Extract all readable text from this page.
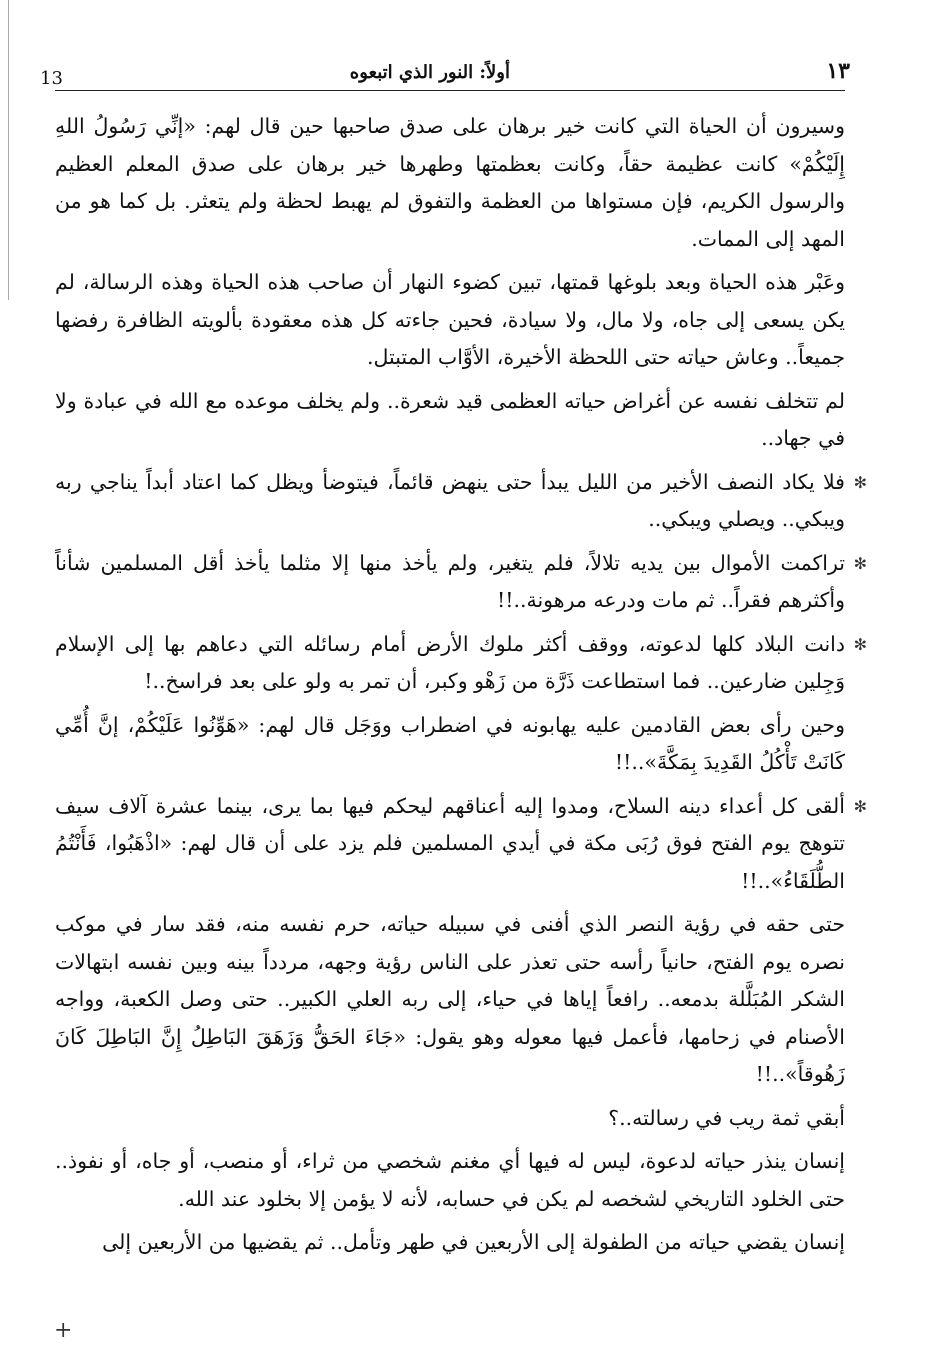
١٣
أولاً: النور الذي اتبعوه
13

وسيرون أن الحياة التي كانت خير برهان على صدق صاحبها حين قال لهم: «إنِّي رَسُولُ اللهِ إِلَيْكُمْ» كانت عظيمة حقاً، وكانت بعظمتها وطهرها خير برهان على صدق المعلم العظيم والرسول الكريم، فإن مستواها من العظمة والتفوق لم يهبط لحظة ولم يتعثر. بل كما هو من المهد إلى الممات.

وعَبْر هذه الحياة وبعد بلوغها قمتها، تبين كضوء النهار أن صاحب هذه الحياة وهذه الرسالة، لم يكن يسعى إلى جاه، ولا مال، ولا سيادة، فحين جاءته كل هذه معقودة بألويته الظافرة رفضها جميعاً.. وعاش حياته حتى اللحظة الأخيرة، الأوَّاب المتبتل.

لم تتخلف نفسه عن أغراض حياته العظمى قيد شعرة.. ولم يخلف موعده مع الله في عبادة ولا في جهاد..

✻
فلا يكاد النصف الأخير من الليل يبدأ حتى ينهض قائماً، فيتوضأ ويظل كما اعتاد أبداً يناجي ربه ويبكي.. ويصلي ويبكي..
✻
تراكمت الأموال بين يديه تلالاً، فلم يتغير، ولم يأخذ منها إلا مثلما يأخذ أقل المسلمين شأناً وأكثرهم فقراً.. ثم مات ودرعه مرهونة..!!
✻
دانت البلاد كلها لدعوته، ووقف أكثر ملوك الأرض أمام رسائله التي دعاهم بها إلى الإسلام وَجِلين ضارعين.. فما استطاعت ذَرَّة من زَهْو وكبر، أن تمر به ولو على بعد فراسخ..!

وحين رأى بعض القادمين عليه يهابونه في اضطراب ووَجَل قال لهم: «هَوِّنُوا عَلَيْكُمْ، إنَّ أُمِّي كَانَتْ تَأْكُلُ القَدِيدَ بِمَكَّةَ»..!!

✻
ألقى كل أعداء دينه السلاح، ومدوا إليه أعناقهم ليحكم فيها بما يرى، بينما عشرة آلاف سيف تتوهج يوم الفتح فوق رُبَى مكة في أيدي المسلمين فلم يزد على أن قال لهم: «اذْهَبُوا، فَأَنْتُمُ الطُّلَقَاءُ»..!!

حتى حقه في رؤية النصر الذي أفنى في سبيله حياته، حرم نفسه منه، فقد سار في موكب نصره يوم الفتح، حانياً رأسه حتى تعذر على الناس رؤية وجهه، مردداً بينه وبين نفسه ابتهالات الشكر المُبَلَّلة بدمعه.. رافعاً إياها في حياء، إلى ربه العلي الكبير.. حتى وصل الكعبة، وواجه الأصنام في زحامها، فأعمل فيها معوله وهو يقول: «جَاءَ الحَقُّ وَزَهَقَ البَاطِلُ إِنَّ البَاطِلَ كَانَ زَهُوقاً»..!!

أبقي ثمة ريب في رسالته..؟

إنسان ينذر حياته لدعوة، ليس له فيها أي مغنم شخصي من ثراء، أو منصب، أو جاه، أو نفوذ.. حتى الخلود التاريخي لشخصه لم يكن في حسابه، لأنه لا يؤمن إلا بخلود عند الله.

إنسان يقضي حياته من الطفولة إلى الأربعين في طهر وتأمل.. ثم يقضيها من الأربعين إلى

+
